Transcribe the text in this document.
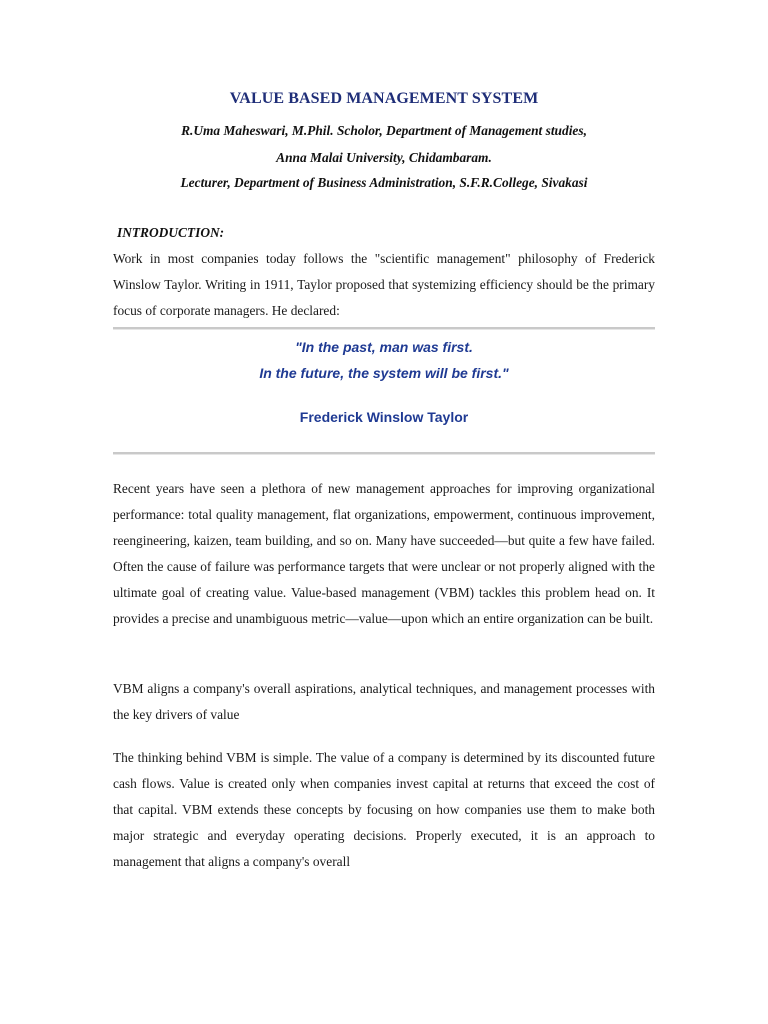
VALUE BASED MANAGEMENT SYSTEM

R.Uma Maheswari, M.Phil. Scholor, Department of Management studies,

Anna Malai University, Chidambaram.

Lecturer, Department of Business Administration, S.F.R.College, Sivakasi

INTRODUCTION:

Work in most companies today follows the "scientific management" philosophy of Frederick Winslow Taylor. Writing in 1911, Taylor proposed that systemizing efficiency should be the primary focus of corporate managers. He declared:

"In the past, man was first.

In the future, the system will be first."

Frederick Winslow Taylor

Recent years have seen a plethora of new management approaches for improving organizational performance: total quality management, flat organizations, empowerment, continuous improvement, reengineering, kaizen, team building, and so on. Many have succeeded—but quite a few have failed. Often the cause of failure was performance targets that were unclear or not properly aligned with the ultimate goal of creating value. Value-based management (VBM) tackles this problem head on. It provides a precise and unambiguous metric—value—upon which an entire organization can be built.

VBM aligns a company's overall aspirations, analytical techniques, and management processes with the key drivers of value

The thinking behind VBM is simple. The value of a company is determined by its discounted future cash flows. Value is created only when companies invest capital at returns that exceed the cost of that capital. VBM extends these concepts by focusing on how companies use them to make both major strategic and everyday operating decisions. Properly executed, it is an approach to management that aligns a company's overall
